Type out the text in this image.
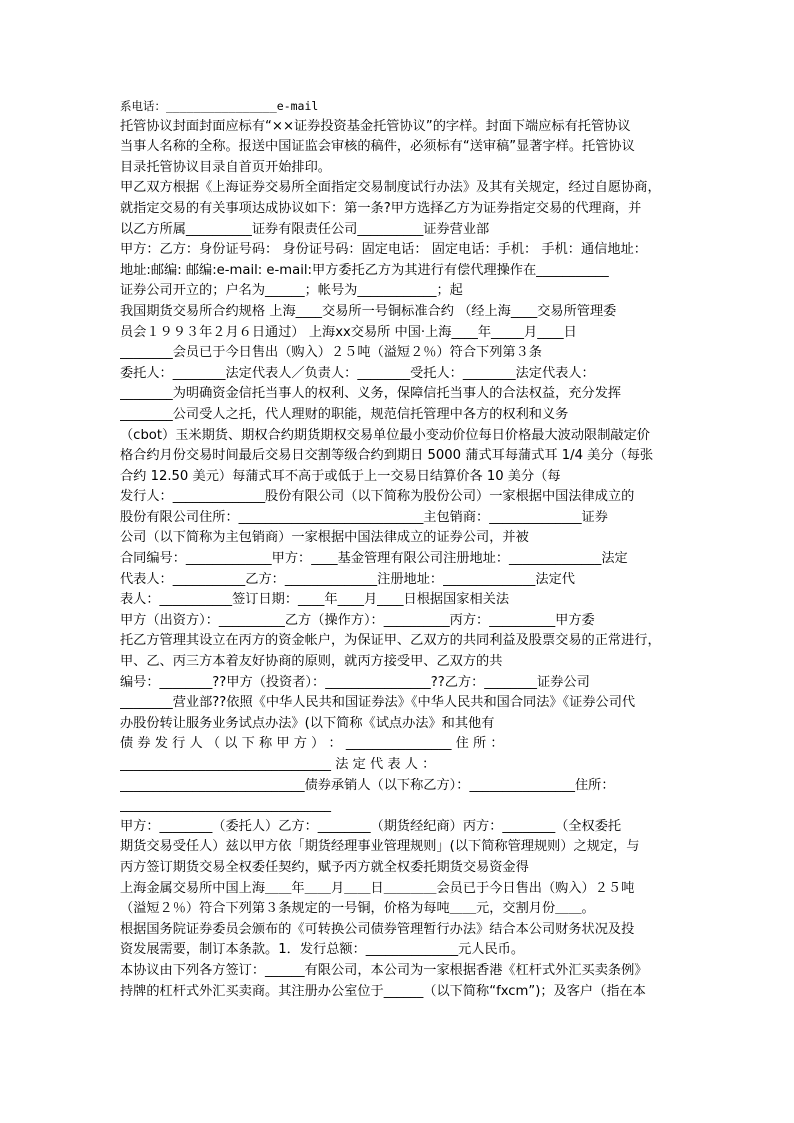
系电话：________________e-mail
托管协议封面封面应标有“××证券投资基金托管协议”的字样。封面下端应标有托管协议
当事人名称的全称。报送中国证监会审核的稿件，必须标有“送审稿”显著字样。托管协议
目录托管协议目录自首页开始排印。
甲乙双方根据《上海证券交易所全面指定交易制度试行办法》及其有关规定，经过自愿协商，
就指定交易的有关事项达成协议如下：第一条?甲方选择乙方为证券指定交易的代理商，并
以乙方所属__________证券有限责任公司__________证券营业部
甲方：乙方：身份证号码： 身份证号码：固定电话： 固定电话：手机： 手机：通信地址：
地址:邮编: 邮编:e-mail: e-mail:甲方委托乙方为其进行有偿代理操作在___________
证券公司开立的；户名为______；帐号为____________；起
我国期货交易所合约规格 上海____交易所一号铜标准合约 （经上海____交易所管理委
员会１９９３年２月６日通过） 上海xx交易所 中国·上海____年_____月____日
________会员已于今日售出（购入）２５吨（溢短２％）符合下列第３条
委托人：________法定代表人／负责人：________受托人：________法定代表人：
________为明确资金信托当事人的权利、义务，保障信托当事人的合法权益，充分发挥
________公司受人之托，代人理财的职能，规范信托管理中各方的权利和义务
（cbot）玉米期货、期权合约期货期权交易单位最小变动价位每日价格最大波动限制敲定价
格合约月份交易时间最后交易日交割等级合约到期日 5000 蒲式耳每蒲式耳 1/4 美分（每张
合约 12.50 美元）每蒲式耳不高于或低于上一交易日结算价各 10 美分（每
发行人：______________股份有限公司（以下简称为股份公司）一家根据中国法律成立的
股份有限公司住所：____________________________主包销商：______________证券
公司（以下简称为主包销商）一家根据中国法律成立的证券公司，并被
合同编号：_____________甲方：____基金管理有限公司注册地址：______________法定
代表人：___________乙方：______________注册地址：______________法定代
表人：___________签订日期：____年____月____日根据国家相关法
甲方（出资方）：__________乙方（操作方）：__________丙方：__________甲方委
托乙方管理其设立在丙方的资金帐户，为保证甲、乙双方的共同利益及股票交易的正常进行，
甲、乙、丙三方本着友好协商的原则，就丙方接受甲、乙双方的共
编号：________??甲方（投资者）：________________??乙方：________证券公司
________营业部??依照《中华人民共和国证券法》《中华人民共和国合同法》《证券公司代
办股份转让服务业务试点办法》(以下简称《试点办法》和其他有
债 券 发 行 人 （ 以 下 称 甲 方 ） ： ________________ 住 所 ：
________________________________ 法 定 代 表 人 ：
____________________________债券承销人（以下称乙方）：________________住所：
________________________________
甲方：________（委托人）乙方：________（期货经纪商）丙方：________（全权委托
期货交易受任人）兹以甲方依「期货经理事业管理规则」(以下简称管理规则）之规定，与
丙方签订期货交易全权委任契约，赋予丙方就全权委托期货交易资金得
上海金属交易所中国上海＿＿年＿＿月＿＿日＿＿＿＿会员已于今日售出（购入）２５吨
（溢短２％）符合下列第３条规定的一号铜，价格为每吨＿＿元，交割月份＿＿。
根据国务院证券委员会颁布的《可转换公司债券管理暂行办法》结合本公司财务状况及投
资发展需要，制订本条款。1．发行总额：______________元人民币。
本协议由下列各方签订：______有限公司，本公司为一家根据香港《杠杆式外汇买卖条例》
持牌的杠杆式外汇买卖商。其注册办公室位于______（以下简称“fxcm”)；及客户（指在本
